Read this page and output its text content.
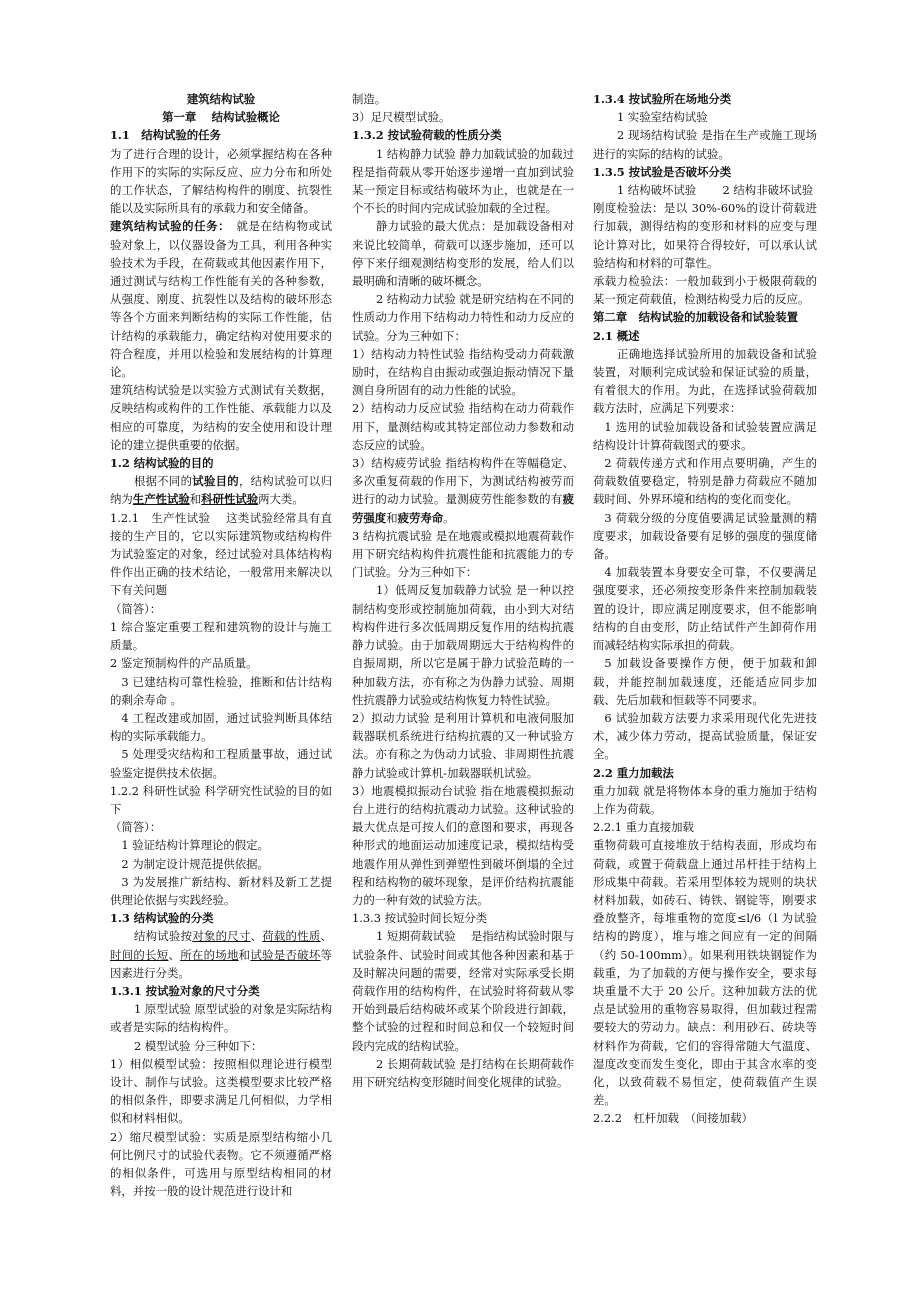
建筑结构试验

第一章　 结构试验概论

1.1　结构试验的任务

为了进行合理的设计，必须掌握结构在各种作用下的实际的实际反应、应力分布和所处的工作状态，了解结构构件的刚度、抗裂性能以及实际所具有的承载力和安全储备。

建筑结构试验的任务：　就是在结构物或试验对象上，以仪器设备为工具，利用各种实验技术为手段，在荷载或其他因素作用下，通过测试与结构工作性能有关的各种参数，从强度、刚度、抗裂性以及结构的破坏形态等各个方面来判断结构的实际工作性能，估计结构的承载能力，确定结构对使用要求的符合程度，并用以检验和发展结构的计算理论。

建筑结构试验是以实验方式测试有关数据，反映结构或构件的工作性能、承载能力以及相应的可靠度，为结构的安全使用和设计理论的建立提供重要的依据。

1.2 结构试验的目的

根据不同的试验目的，结构试验可以归纳为生产性试验和科研性试验两大类。

1.2.1　生产性试验　 这类试验经常具有直接的生产目的，它以实际建筑物或结构构件为试验鉴定的对象，经过试验对具体结构构件作出正确的技术结论，一般常用来解决以下有关问题

（简答）：

1 综合鉴定重要工程和建筑物的设计与施工质量。

2 鉴定预制构件的产品质量。

3 已建结构可靠性检验，推断和估计结构的剩余寿命 。

4 工程改建或加固，通过试验判断具体结构的实际承载能力。

5 处理受灾结构和工程质量事故，通过试验鉴定提供技术依据。

1.2.2 科研性试验 科学研究性试验的目的如下

（简答）：

1 验证结构计算理论的假定。

2 为制定设计规范提供依据。

3 为发展推广新结构、新材料及新工艺提供理论依据与实践经验。

1.3 结构试验的分类

结构试验按对象的尺寸、荷载的性质、时间的长短、所在的场地和试验是否破坏等因素进行分类。

1.3.1 按试验对象的尺寸分类

1 原型试验 原型试验的对象是实际结构或者是实际的结构构件。

2 模型试验 分三种如下：

1）相似模型试验：按照相似理论进行模型设计、制作与试验。这类模型要求比较严格的相似条件，即要求满足几何相似，力学相似和材料相似。

2）缩尺模型试验：实质是原型结构缩小几何比例尺寸的试验代表物。它不须遵循严格的相似条件，可选用与原型结构相同的材料，并按一般的设计规范进行设计和

制造。

3）足尺模型试验。

1.3.2 按试验荷载的性质分类

1 结构静力试验 静力加载试验的加载过程是指荷载从零开始逐步递增一直加到试验某一预定目标或结构破坏为止，也就是在一个不长的时间内完成试验加载的全过程。

静力试验的最大优点：是加载设备相对来说比较简单，荷载可以逐步施加，还可以停下来仔细观测结构变形的发展，给人们以最明确和清晰的破坏概念。

2 结构动力试验 就是研究结构在不同的性质动力作用下结构动力特性和动力反应的试验。分为三种如下：

1）结构动力特性试验 指结构受动力荷载激励时，在结构自由振动或强迫振动情况下量测自身所固有的动力性能的试验。

2）结构动力反应试验 指结构在动力荷载作用下，量测结构或其特定部位动力参数和动态反应的试验。

3）结构疲劳试验 指结构构件在等幅稳定、多次重复荷载的作用下，为测试结构被劳而进行的动力试验。量测疲劳性能参数的有疲劳强度和疲劳寿命。

3 结构抗震试验 是在地震或模拟地震荷载作用下研究结构构件抗震性能和抗震能力的专门试验。分为三种如下：

1）低周反复加载静力试验 是一种以控制结构变形或控制施加荷载，由小到大对结构构件进行多次低周期反复作用的结构抗震静力试验。由于加载周期远大于结构构件的自振周期，所以它是属于静力试验范畴的一种加载方法，亦有称之为伪静力试验、周期性抗震静力试验或结构恢复力特性试验。

2）拟动力试验 是利用计算机和电液伺服加载器联机系统进行结构抗震的又一种试验方法。亦有称之为伪动力试验、非周期性抗震静力试验或计算机-加载器联机试验。

3）地震模拟振动台试验 指在地震模拟振动台上进行的结构抗震动力试验。这种试验的最大优点是可按人们的意图和要求，再现各种形式的地面运动加速度记录，模拟结构受地震作用从弹性到弹塑性到破坏倒塌的全过程和结构物的破坏现象，是评价结构抗震能力的一种有效的试验方法。

1.3.3 按试验时间长短分类

1 短期荷载试验　 是指结构试验时限与试验条件、试验时间或其他各种因素和基于及时解决问题的需要，经常对实际承受长期荷载作用的结构构件，在试验时将荷载从零开始到最后结构破坏或某个阶段进行卸载，整个试验的过程和时间总和仅一个较短时间段内完成的结构试验。

2 长期荷载试验 是打结构在长期荷载作用下研究结构变形随时间变化规律的试验。

1.3.4 按试验所在场地分类

1 实验室结构试验

2 现场结构试验 是指在生产或施工现场进行的实际的结构的试验。

1.3.5 按试验是否破坏分类

1 结构破坏试验　　 2 结构非破坏试验

刚度检验法：是以 30%-60%的设计荷载进行加载，测得结构的变形和材料的应变与理论计算对比，如果符合得较好，可以承认试验结构和材料的可靠性。

承载力检验法：一般加载到小于极限荷载的某一预定荷载值，检测结构受力后的反应。

第二章　结构试验的加载设备和试验装置

2.1 概述

正确地选择试验所用的加载设备和试验装置，对顺利完成试验和保证试验的质量，有着很大的作用。为此，在选择试验荷载加载方法时，应满足下列要求：

1 选用的试验加载设备和试验装置应满足结构设计计算荷载图式的要求。

2 荷载传递方式和作用点要明确，产生的荷载数值要稳定，特别是静力荷载应不随加载时间、外界环境和结构的变化而变化。

3 荷载分级的分度值要满足试验量测的精度要求，加载设备要有足够的强度的强度储备。

4 加载装置本身要安全可靠，不仅要满足强度要求，还必须按变形条件来控制加载装置的设计，即应满足刚度要求，但不能影响结构的自由变形，防止结试件产生卸荷作用而减轻结构实际承担的荷载。

5 加载设备要操作方便，便于加载和卸载，并能控制加载速度，还能适应同步加载、先后加载和恒载等不同要求。

6 试验加载方法要力求采用现代化先进技术，减少体力劳动，提高试验质量，保证安全。

2.2 重力加载法

重力加载 就是将物体本身的重力施加于结构上作为荷载。

2.2.1 重力直接加载

重物荷载可直接堆放于结构表面，形成均布荷载，或置于荷载盘上通过吊杆挂于结构上形成集中荷载。若采用型体较为规则的块状材料加载，如砖石、铸铁、钢锭等，刚要求叠放整齐，每堆重物的宽度≤l/6（l 为试验结构的跨度），堆与堆之间应有一定的间隔（约 50-100mm）。如果利用铁块钢锭作为载重，为了加载的方便与操作安全，要求每块重量不大于 20 公斤。这种加载方法的优点是试验用的重物容易取得，但加载过程需要较大的劳动力。缺点：利用砂石、砖块等材料作为荷载，它们的容得常随大气温度、湿度改变而发生变化，即由于其含水率的变化，以致荷载不易恒定，使荷载值产生误差。

2.2.2　杠杆加载　（间接加载）
